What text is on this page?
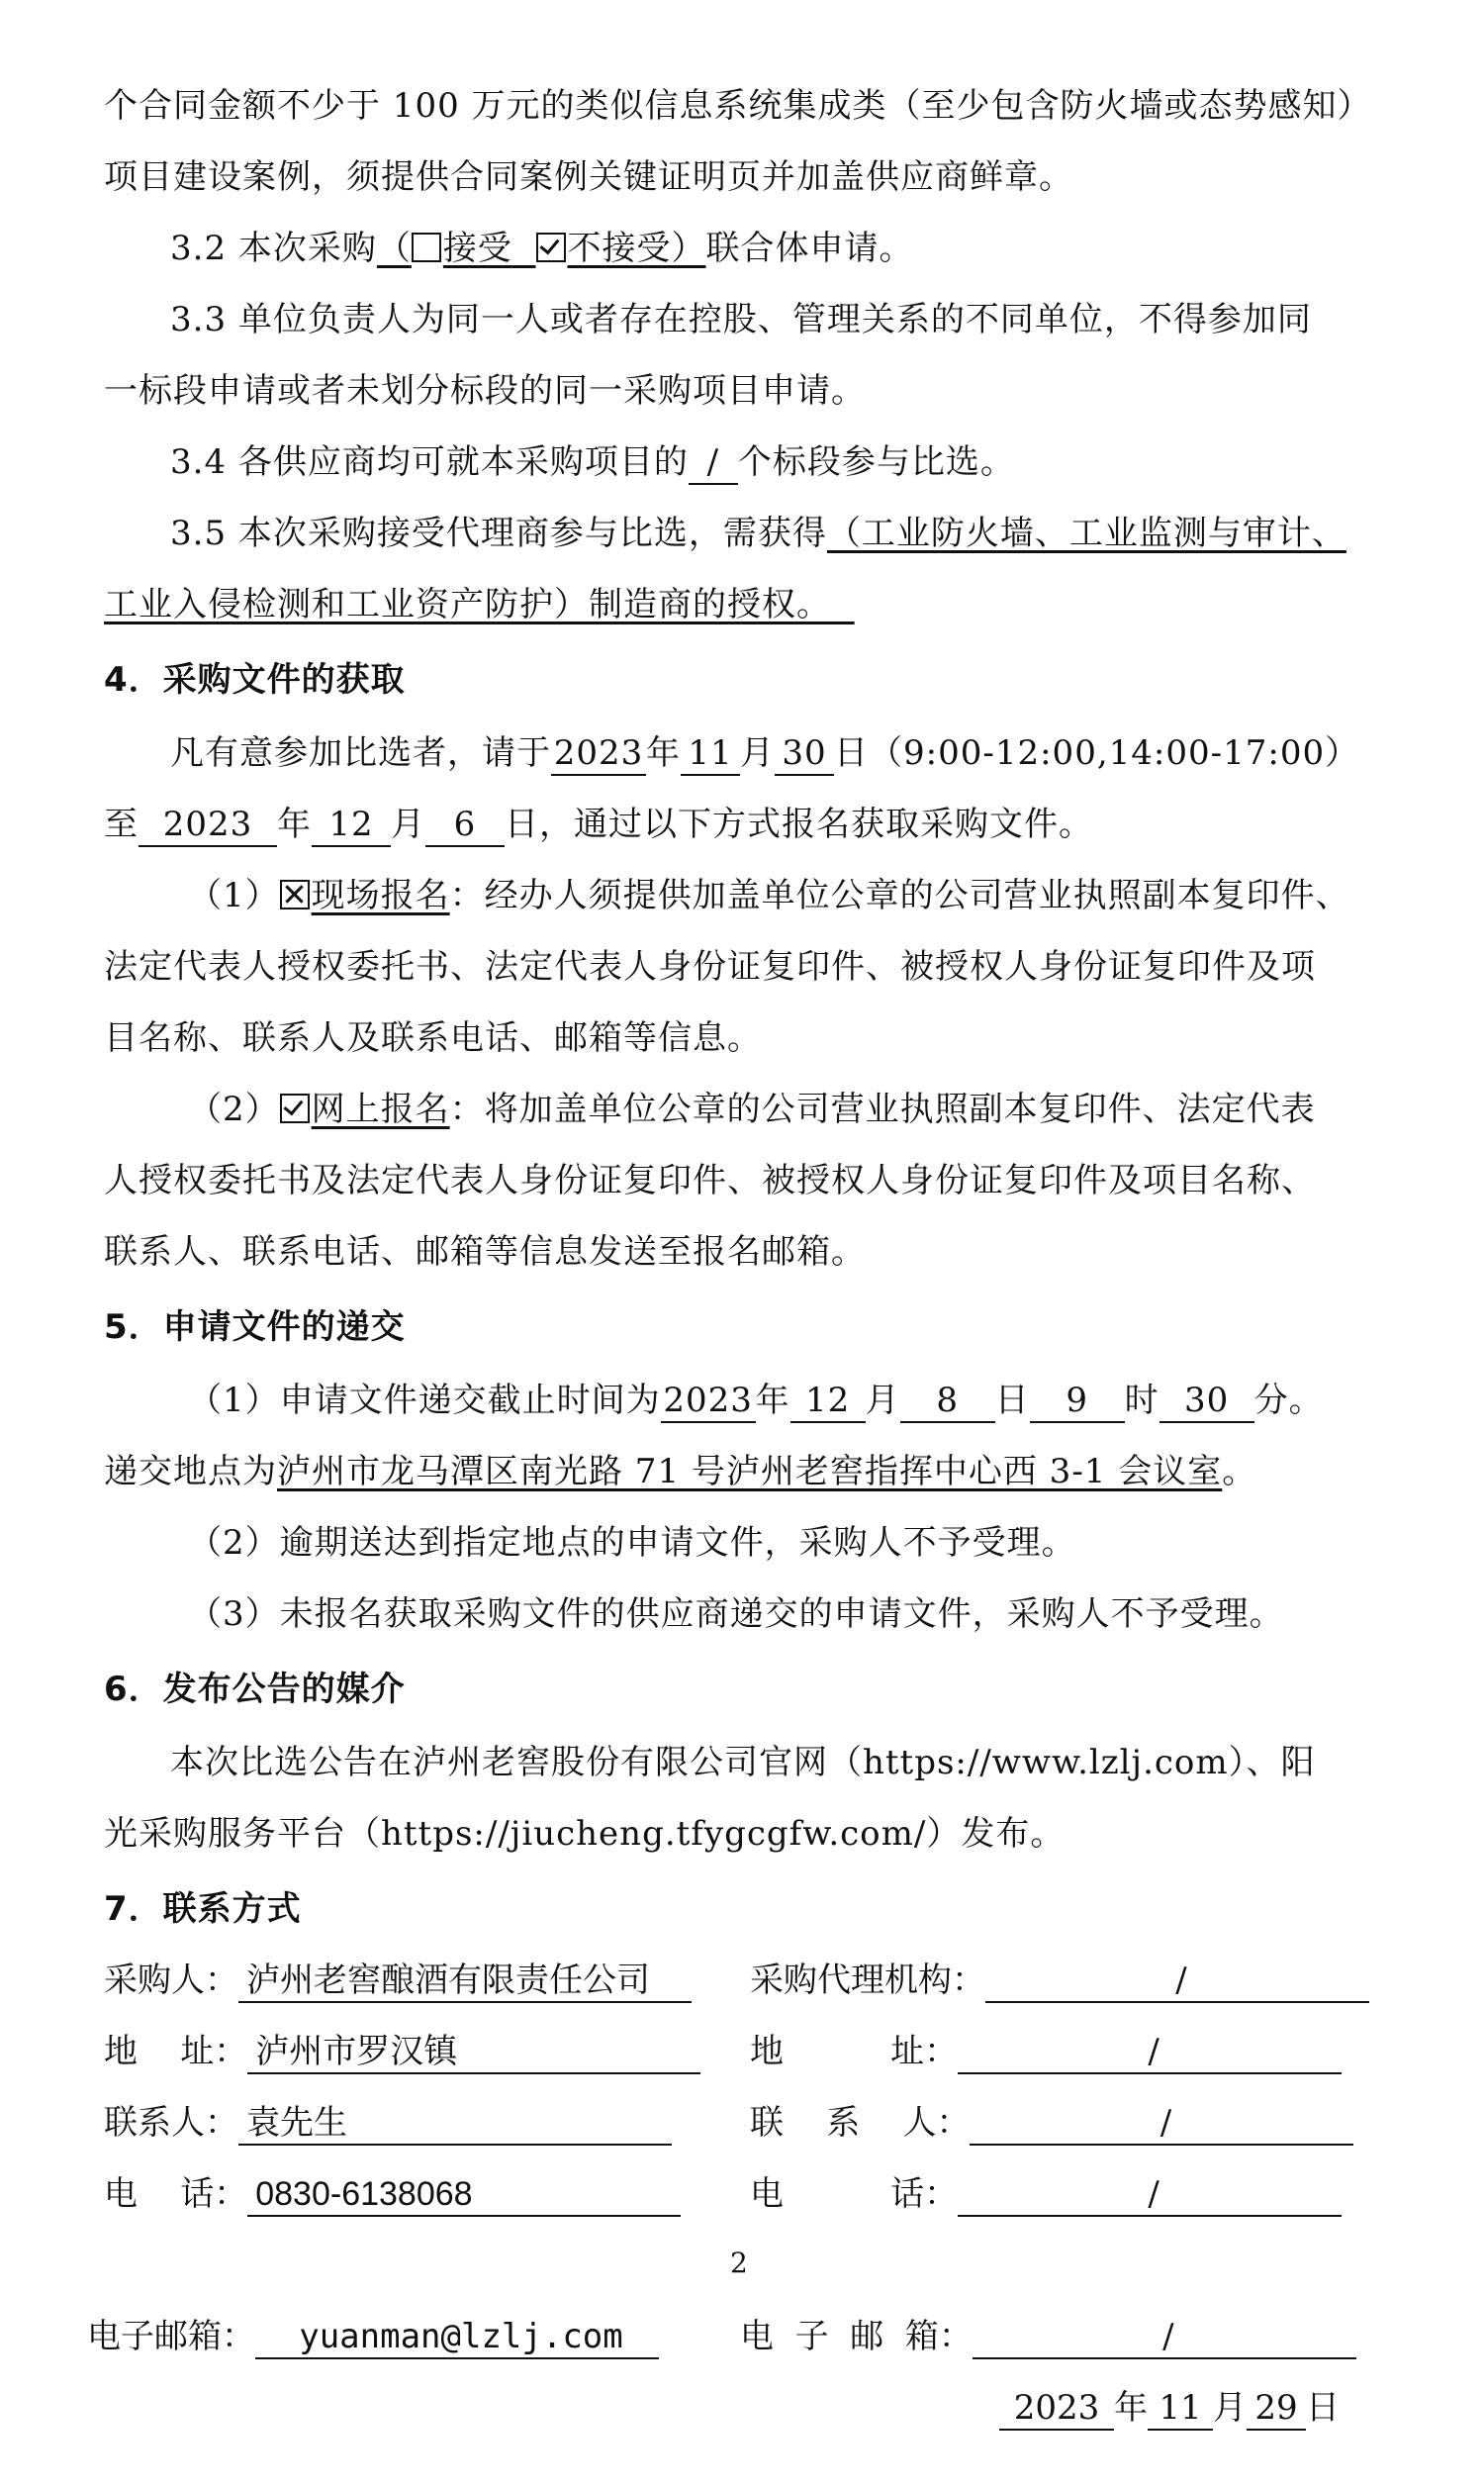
个合同金额不少于 100 万元的类似信息系统集成类（至少包含防火墙或态势感知）
项目建设案例，须提供合同案例关键证明页并加盖供应商鲜章。
3.2 本次采购（ 接受 不接受）联合体申请。
3.3 单位负责人为同一人或者存在控股、管理关系的不同单位，不得参加同
一标段申请或者未划分标段的同一采购项目申请。
3.4 各供应商均可就本采购项目的 / 个标段参与比选。
3.5 本次采购接受代理商参与比选，需获得（工业防火墙、工业监测与审计、
工业入侵检测和工业资产防护）制造商的授权。
4．采购文件的获取
凡有意参加比选者，请于2023年 11 月 30 日（9:00-12:00,14:00-17:00）
至 2023 年 12 月 6 日，通过以下方式报名获取采购文件。
（1）☒ 现场报名：经办人须提供加盖单位公章的公司营业执照副本复印件、
法定代表人授权委托书、法定代表人身份证复印件、被授权人身份证复印件及项
目名称、联系人及联系电话、邮箱等信息。
（2） 网上报名：将加盖单位公章的公司营业执照副本复印件、法定代表
人授权委托书及法定代表人身份证复印件、被授权人身份证复印件及项目名称、
联系人、联系电话、邮箱等信息发送至报名邮箱。
5．申请文件的递交
（1）申请文件递交截止时间为2023年 12 月 8 日 9 时 30 分。
递交地点为泸州市龙马潭区南光路 71 号泸州老窖指挥中心西 3-1 会议室。
（2）逾期送达到指定地点的申请文件，采购人不予受理。
（3）未报名获取采购文件的供应商递交的申请文件，采购人不予受理。
6．发布公告的媒介
本次比选公告在泸州老窖股份有限公司官网（https://www.lzlj.com）、阳
光采购服务平台（https://jiucheng.tfygcgfw.com/）发布。
7．联系方式
采购人： 泸州老窖酿酒有限责任公司	采购代理机构：	/
地    址： 泸州市罗汉镇	地          址：	/
联系人： 袁先生	联    系    人：	/
电    话： 0830-6138068	电          话：	/
2
电子邮箱： yuanman@lzlj.com	电  子  邮  箱：	/
2023 年 11 月 29 日
